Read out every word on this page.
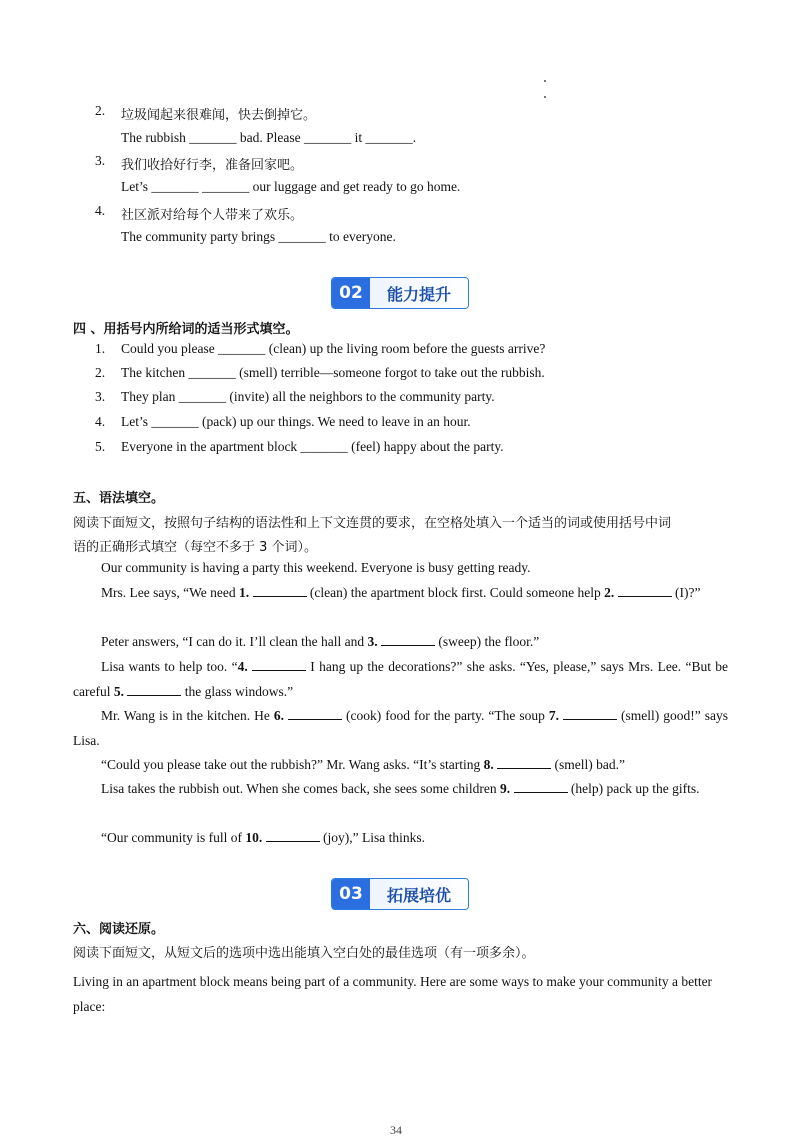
2.	垃圾闻起来很难闻，快去倒掉它。
The rubbish _______ bad. Please _______ it _______.
3.	我们收拾好行李，准备回家吧。
Let’s _______ _______ our luggage and get ready to go home.
4.	社区派对给每个人带来了欢乐。
The community party brings _______ to everyone.
02	能力提升
四 、用括号内所给词的适当形式填空。
1.	Could you please _______ (clean) up the living room before the guests arrive?
2.	The kitchen _______ (smell) terrible—someone forgot to take out the rubbish.
3.	They plan _______ (invite) all the neighbors to the community party.
4.	Let’s _______ (pack) up our things. We need to leave in an hour.
5.	Everyone in the apartment block _______ (feel) happy about the party.
五、语法填空。
阅读下面短文，按照句子结构的语法性和上下文连贯的要求，在空格处填入一个适当的词或使用括号中词
语的正确形式填空（每空不多于 3 个词）。
Our community is having a party this weekend. Everyone is busy getting ready.
Mrs. Lee says, “We need 1.	(clean) the apartment block first. Could someone help 2.	(I)?”
Peter answers, “I can do it. I’ll clean the hall and 3.	(sweep) the floor.”
Lisa wants to help too. “4.	I hang up the decorations?” she asks. “Yes, please,” says Mrs. Lee. “But be careful 5.	the glass windows.”
Mr. Wang is in the kitchen. He 6.	(cook) food for the party. “The soup 7.	(smell) good!” says Lisa.
“Could you please take out the rubbish?” Mr. Wang asks. “It’s starting 8.	(smell) bad.”
Lisa takes the rubbish out. When she comes back, she sees some children 9.	(help) pack up the gifts.
“Our community is full of 10.	(joy),” Lisa thinks.
03	拓展培优
六、阅读还原。
阅读下面短文，从短文后的选项中选出能填入空白处的最佳选项（有一项多余）。
Living in an apartment block means being part of a community. Here are some ways to make your community a better place:
34
